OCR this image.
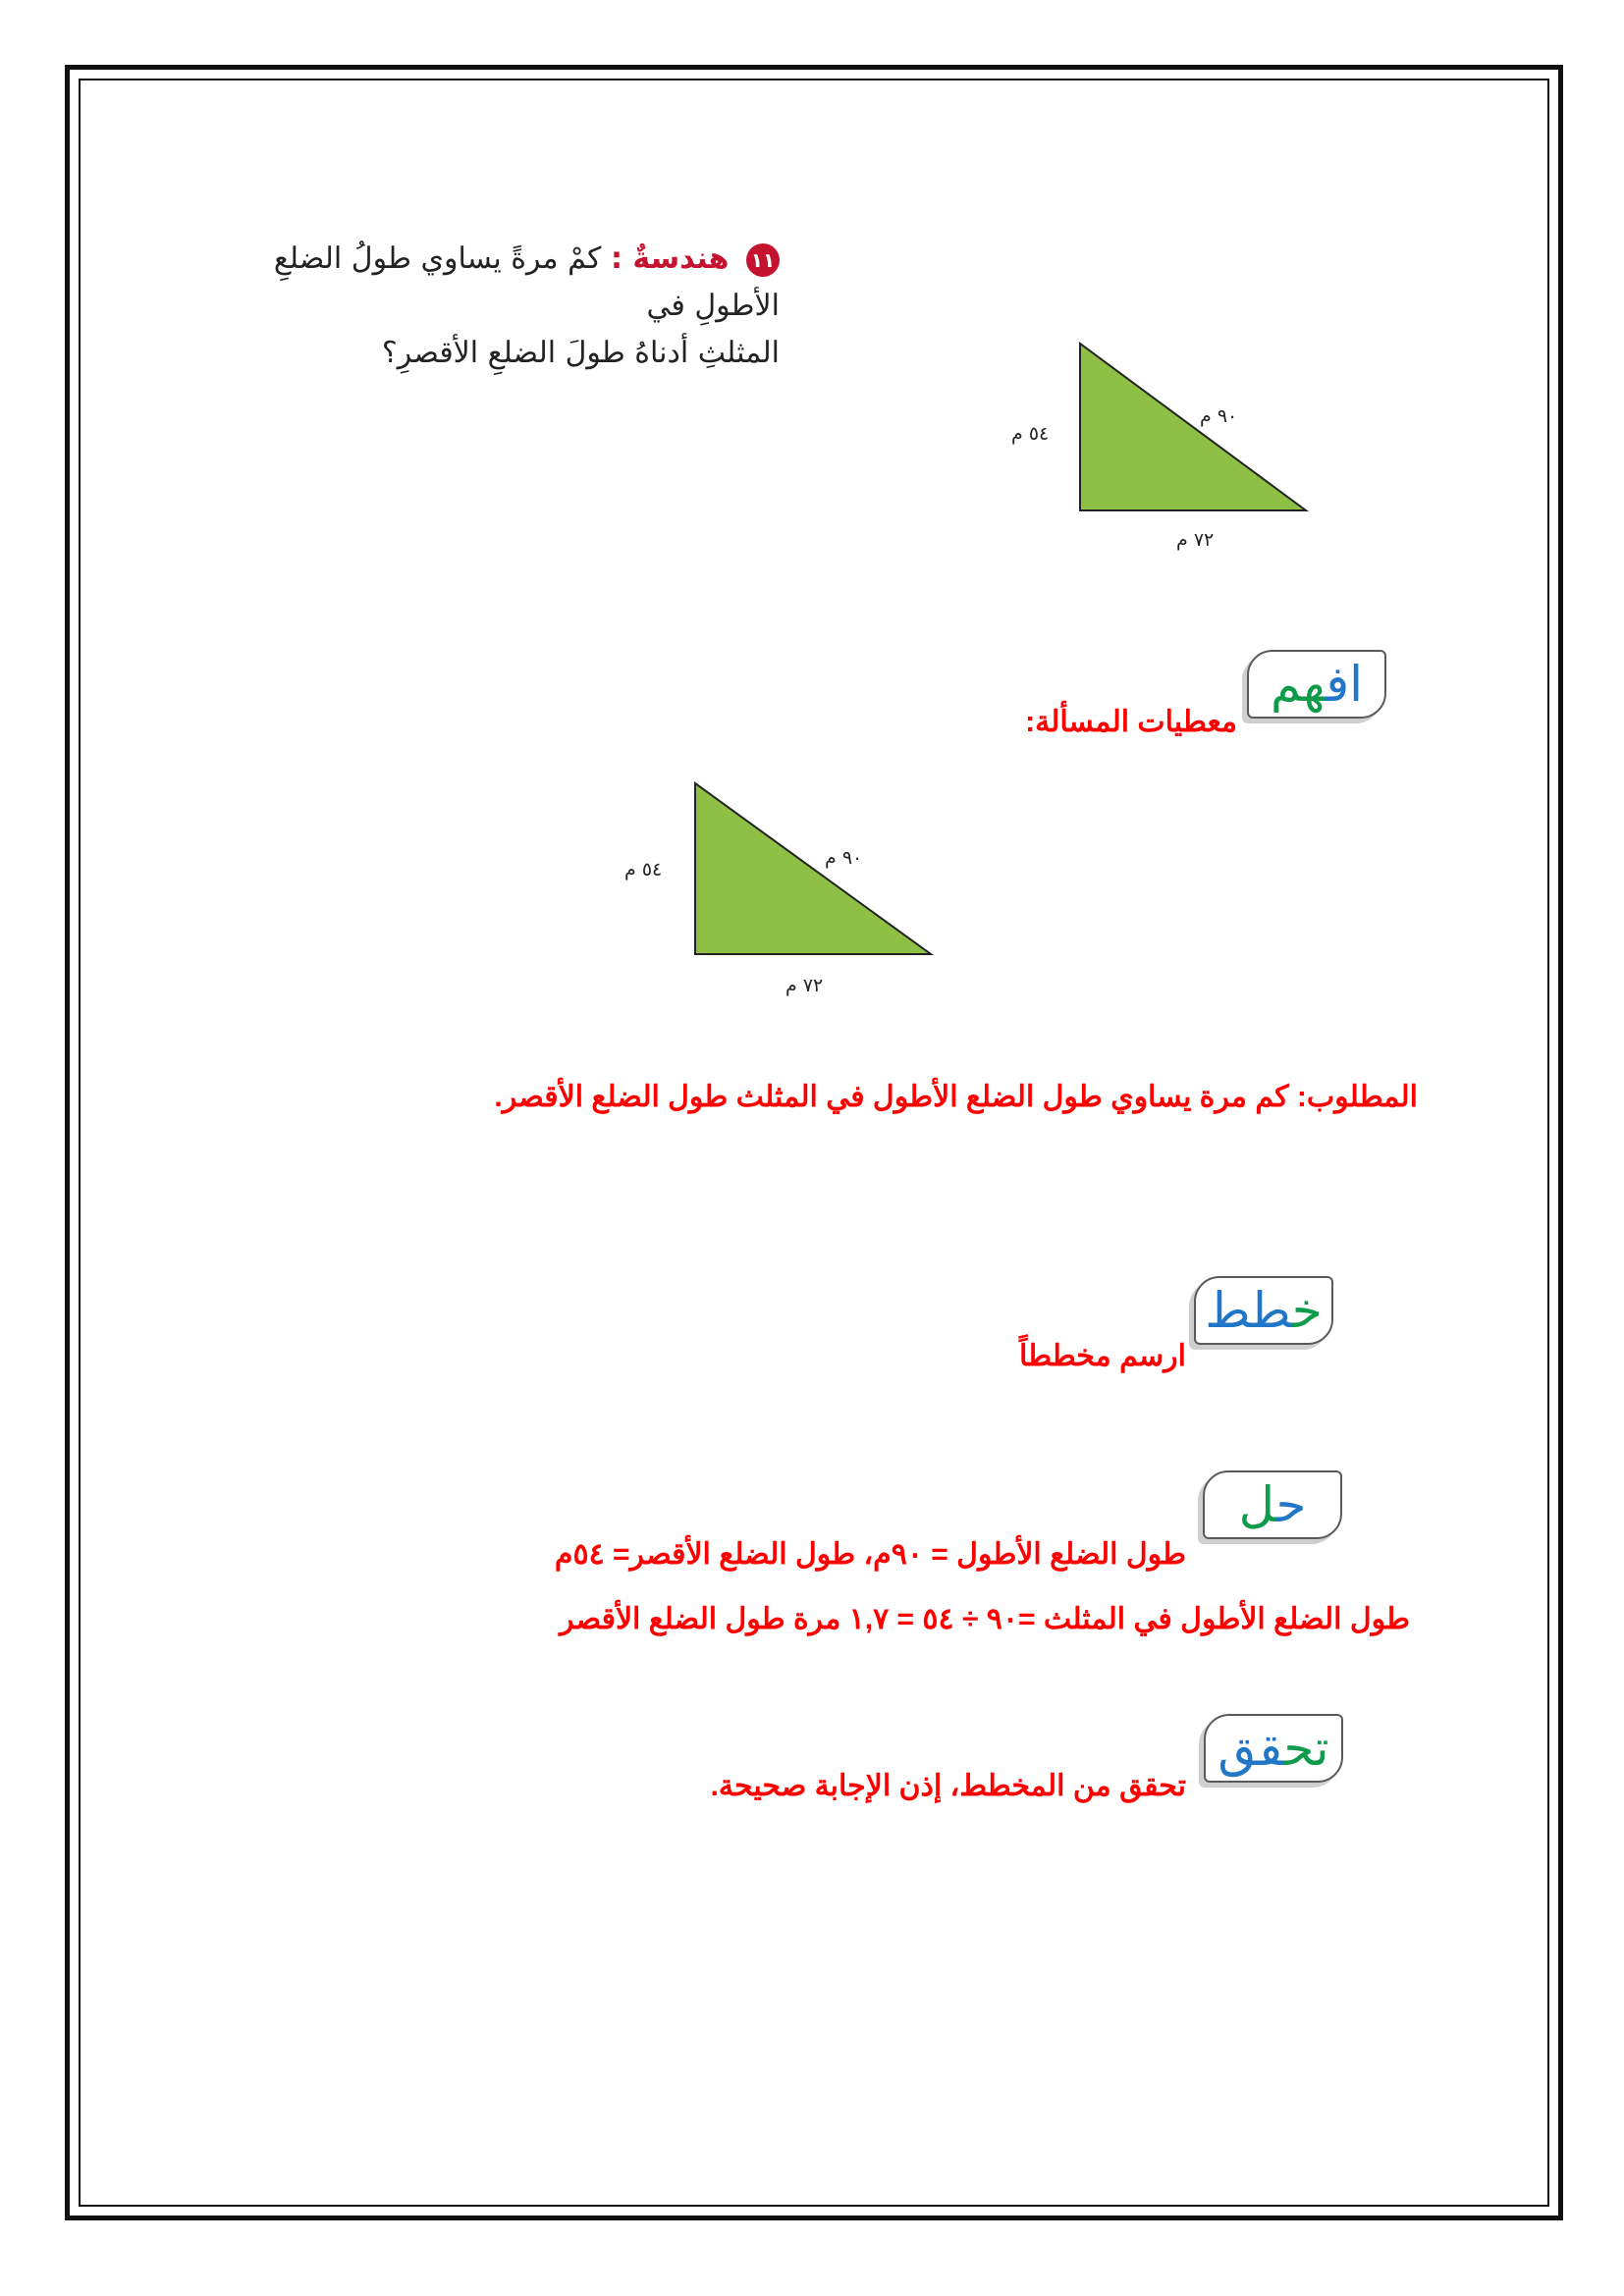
١١ هندسةٌ : كمْ مرةً يساوي طولُ الضلعِ الأطولِ في
المثلثِ أدناهُ طولَ الضلعِ الأقصرِ؟
٩٠ م
٥٤ م
٧٢ م
افهم
معطيات المسألة:
٩٠ م
٥٤ م
٧٢ م
المطلوب: كم مرة يساوي طول الضلع الأطول في المثلث طول الضلع الأقصر.
خطط
ارسم مخططاً
حل
طول الضلع الأطول = ٩٠م، طول الضلع الأقصر= ٥٤م
طول الضلع الأطول في المثلث =٩٠ ÷ ٥٤ = ١,٧ مرة طول الضلع الأقصر
تحقق
تحقق من المخطط، إذن الإجابة صحيحة.
